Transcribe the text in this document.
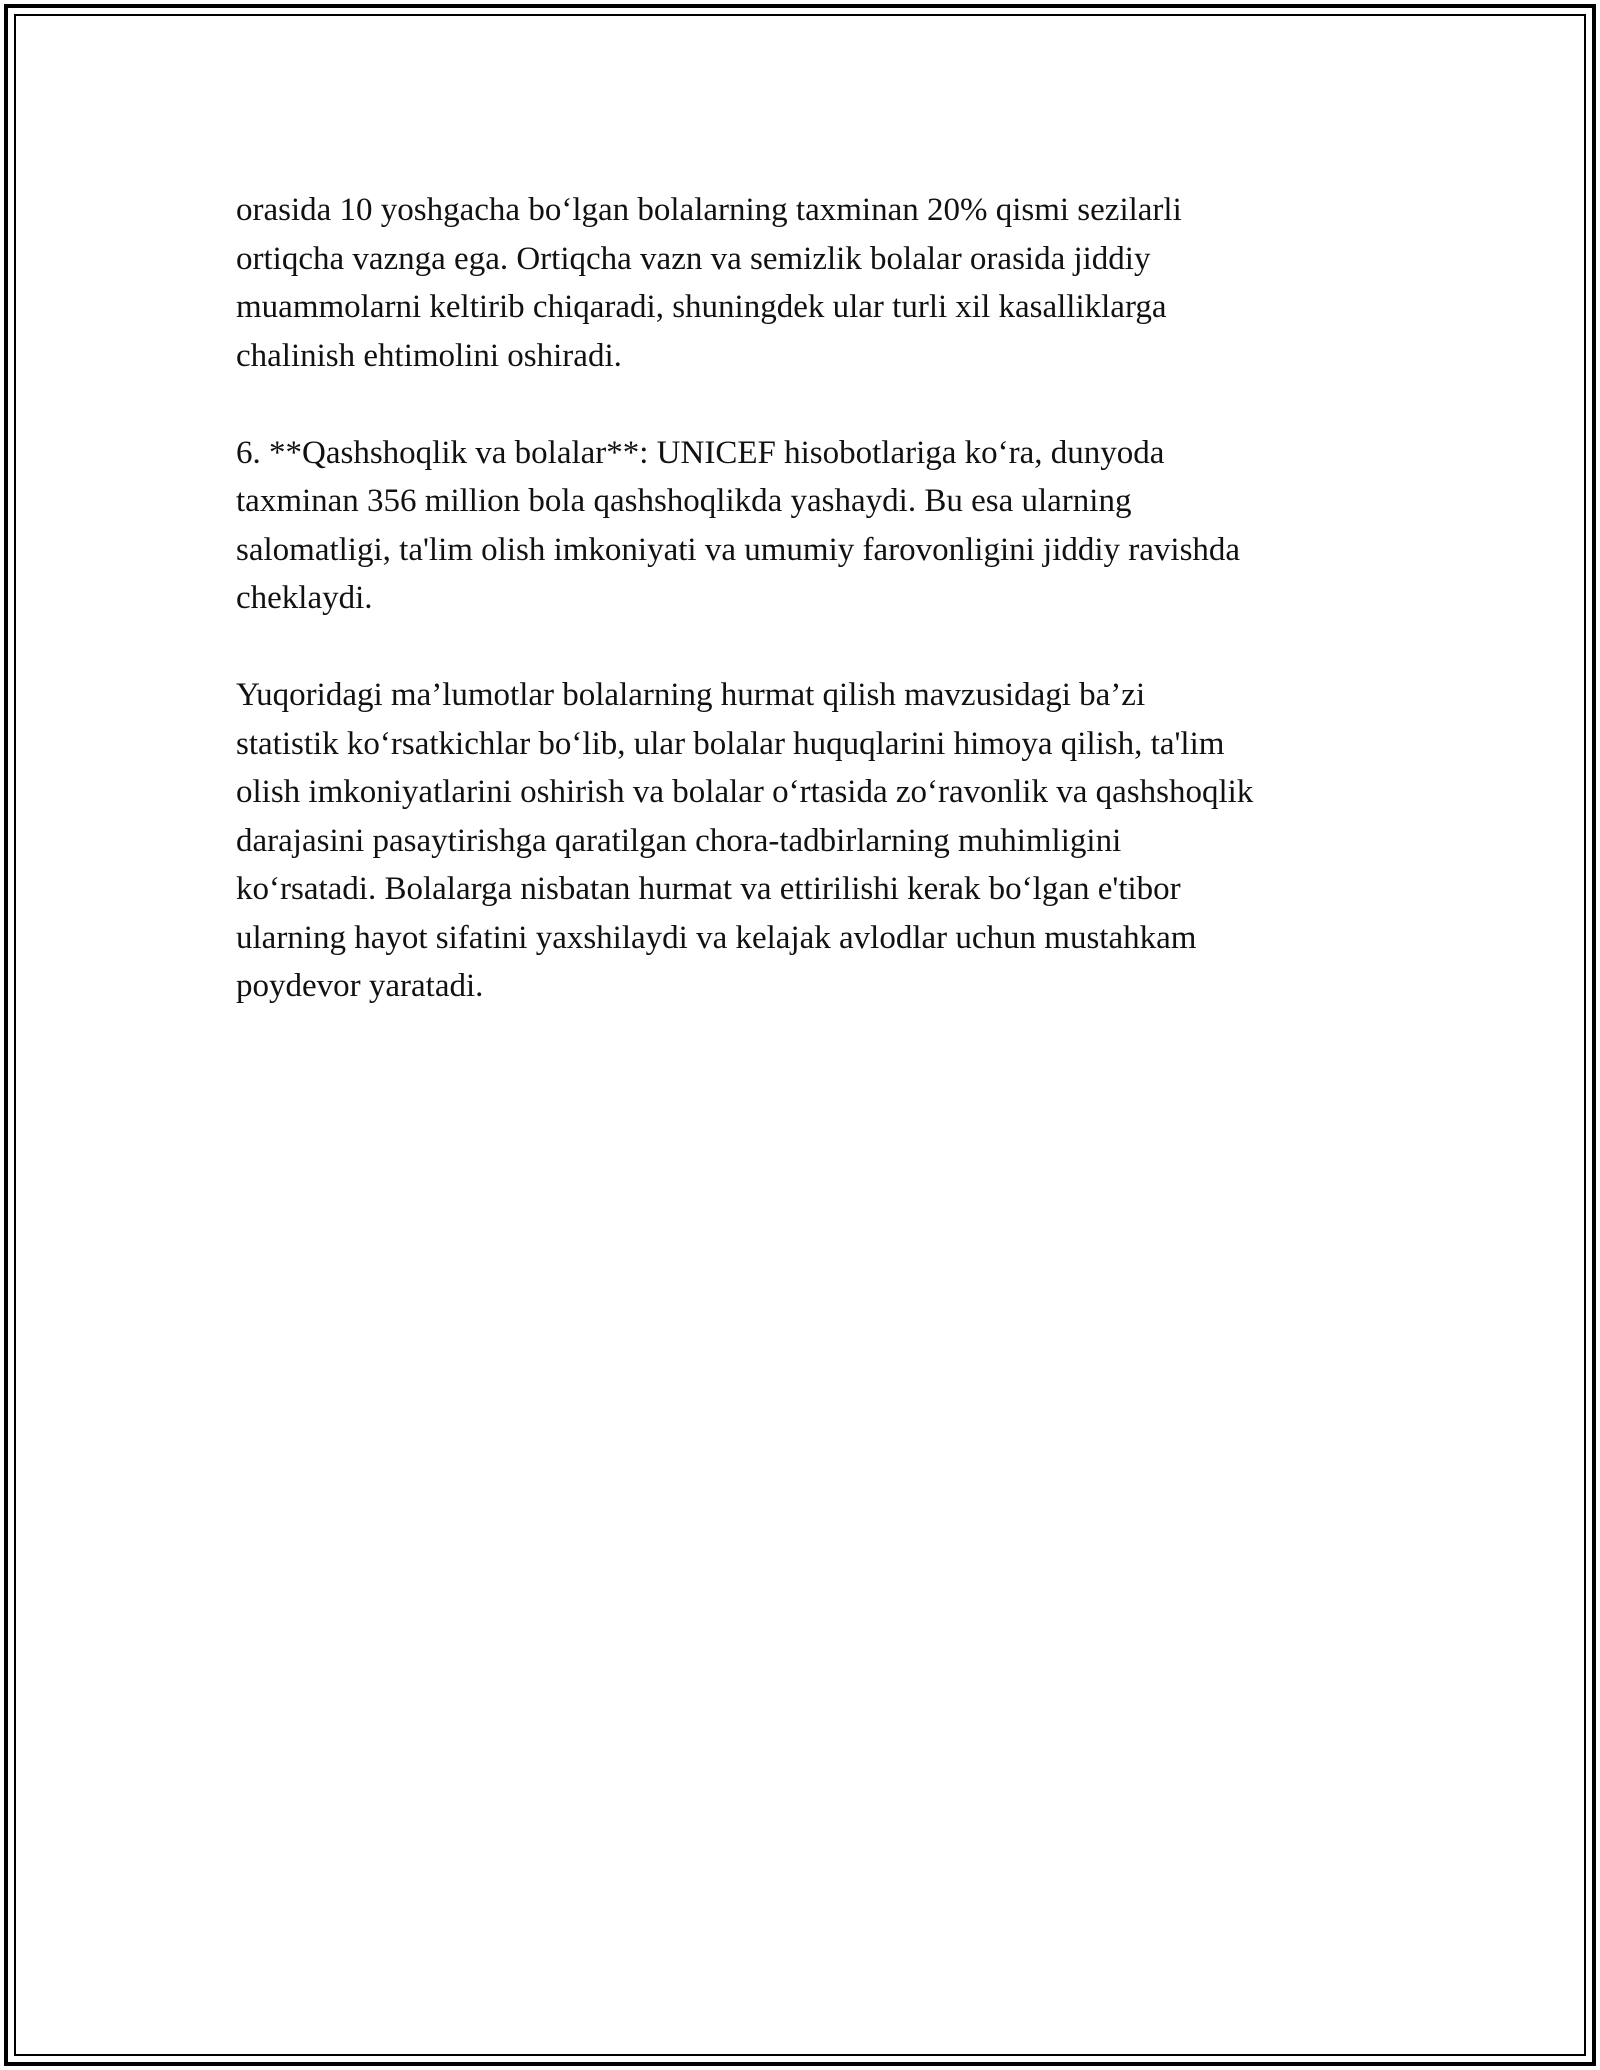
orasida 10 yoshgacha bo‘lgan bolalarning taxminan 20% qismi sezilarli
ortiqcha vaznga ega. Ortiqcha vazn va semizlik bolalar orasida jiddiy
muammolarni keltirib chiqaradi, shuningdek ular turli xil kasalliklarga
chalinish ehtimolini oshiradi.

6. **Qashshoqlik va bolalar**: UNICEF hisobotlariga ko‘ra, dunyoda
taxminan 356 million bola qashshoqlikda yashaydi. Bu esa ularning
salomatligi, ta'lim olish imkoniyati va umumiy farovonligini jiddiy ravishda
cheklaydi.

Yuqoridagi ma’lumotlar bolalarning hurmat qilish mavzusidagi ba’zi
statistik ko‘rsatkichlar bo‘lib, ular bolalar huquqlarini himoya qilish, ta'lim
olish imkoniyatlarini oshirish va bolalar o‘rtasida zo‘ravonlik va qashshoqlik
darajasini pasaytirishga qaratilgan chora-tadbirlarning muhimligini
ko‘rsatadi. Bolalarga nisbatan hurmat va ettirilishi kerak bo‘lgan e'tibor
ularning hayot sifatini yaxshilaydi va kelajak avlodlar uchun mustahkam
poydevor yaratadi.
